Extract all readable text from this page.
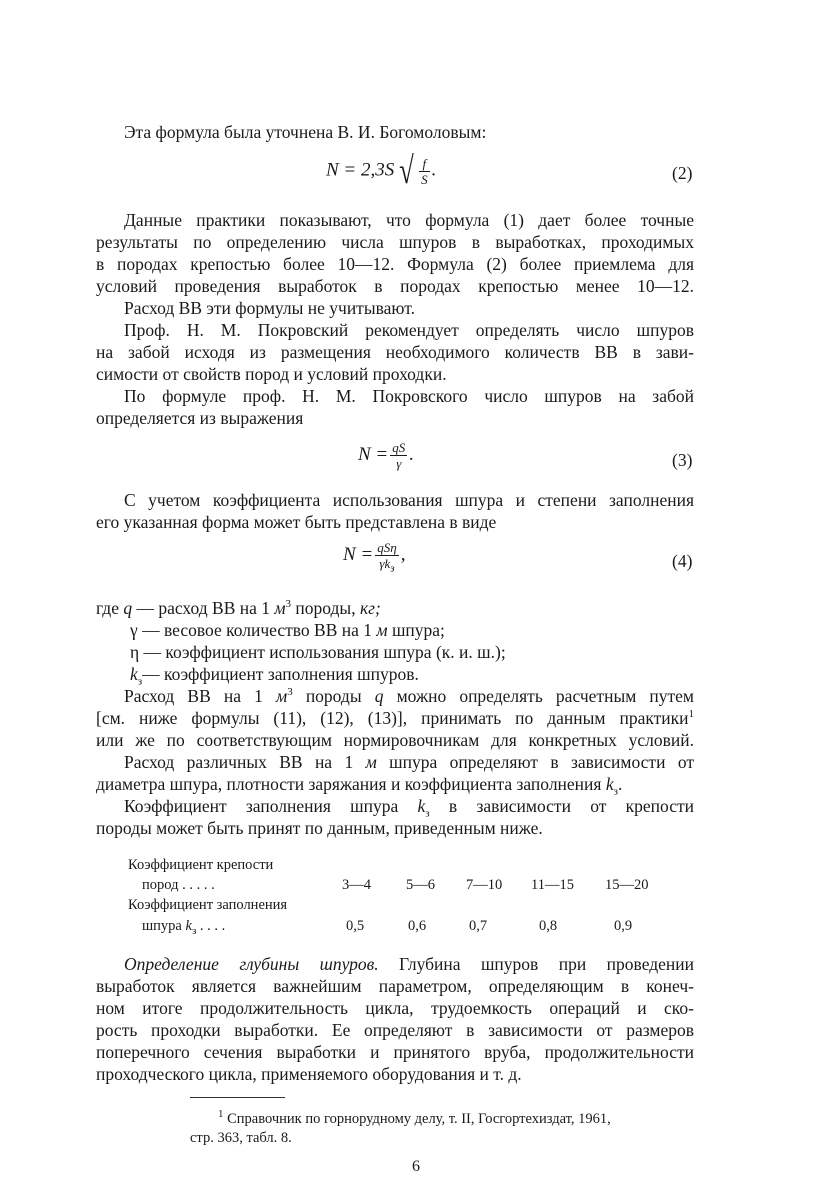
Эта формула была уточнена В. И. Богомоловым:
N = 2,3S √ $\frac{f}{S}$ .	(2)
Данные практики показывают, что формула (1) дает более точные
результаты по определению числа шпуров в выработках, проходимых
в породах крепостью более 10—12. Формула (2) более приемлема для
условий проведения выработок в породах крепостью менее 10—12.
Расход ВВ эти формулы не учитывают.
Проф. Н. М. Покровский рекомендует определять число шпуров
на забой исходя из размещения необходимого количеств ВВ в зави-
симости от свойств пород и условий проходки.
По формуле проф. Н. М. Покровского число шпуров на забой
определяется из выражения
$N = \frac{qS}{\gamma}$ .	(3)
С учетом коэффициента использования шпура и степени заполнения
его указанная форма может быть представлена в виде
$N = \frac{\text{qSη}}{\gamma k_з}$ ,	(4)
где q — расход ВВ на 1 $м^3$ породы, кг;
γ — весовое количество ВВ на 1 м шпура;
η — коэффициент использования шпура (к. и. ш.);
$k_з—$ коэффициент заполнения шпуров.
Расход ВВ на 1 $м^3$ породы q можно определять расчетным путем
[см. ниже формулы (11), (12), (13)], принимать по данным практики$^1$
или же по соответствующим нормировочникам для конкретных условий.
Расход различных ВВ на 1 м шпура определяют в зависимости от
диаметра шпура, плотности заряжания и коэффициента заполнения $k_з$.
Коэффициент заполнения шпура $k_з$ в зависимости от крепости
породы может быть принят по данным, приведенным ниже.
Коэффициент крепости
пород . . . . .	3—4 5—6 7—10 11—15 15—20
Коэффициент заполнения
шпура $k_з$ . . . .	0,5	0,6	0,7	0,8	0,9
Определение глубины шпуров. Глубина шпуров при проведении
выработок является важнейшим параметром, определяющим в конеч-
ном итоге продолжительность цикла, трудоемкость операций и ско-
рость проходки выработки. Ее определяют в зависимости от размеров
поперечного сечения выработки и принятого вруба, продолжительности
проходческого цикла, применяемого оборудования и т. д.
$^1$ Справочник по горнорудному делу, т. II, Госгортехиздат, 1961,
стр. 363, табл. 8.
6
